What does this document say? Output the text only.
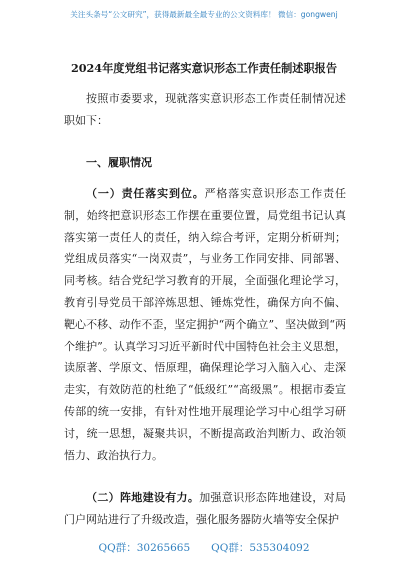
关注头条号“公文研究”，获得最新最全最专业的公文资料库！ 微信：gongwenj
2024年度党组书记落实意识形态工作责任制述职报告
按照市委要求，现就落实意识形态工作责任制情况述职如下：
一、履职情况
（一）责任落实到位。严格落实意识形态工作责任制，始终把意识形态工作摆在重要位置，局党组书记认真落实第一责任人的责任，纳入综合考评，定期分析研判；党组成员落实“一岗双责”，与业务工作同安排、同部署、同考核。结合党纪学习教育的开展，全面强化理论学习，教育引导党员干部淬炼思想、锤炼党性，确保方向不偏、靶心不移、动作不歪，坚定拥护“两个确立”、坚决做到“两个维护”。认真学习习近平新时代中国特色社会主义思想，读原著、学原文、悟原理，确保理论学习入脑入心、走深走实，有效防范的杜绝了“低级红”“高级黑”。根据市委宣传部的统一安排，有针对性地开展理论学习中心组学习研讨，统一思想，凝聚共识，不断提高政治判断力、政治领悟力、政治执行力。
（二）阵地建设有力。加强意识形态阵地建设，对局门户网站进行了升级改造，强化服务器防火墙等安全保护
QQ群：30265665　　QQ群：535304092
